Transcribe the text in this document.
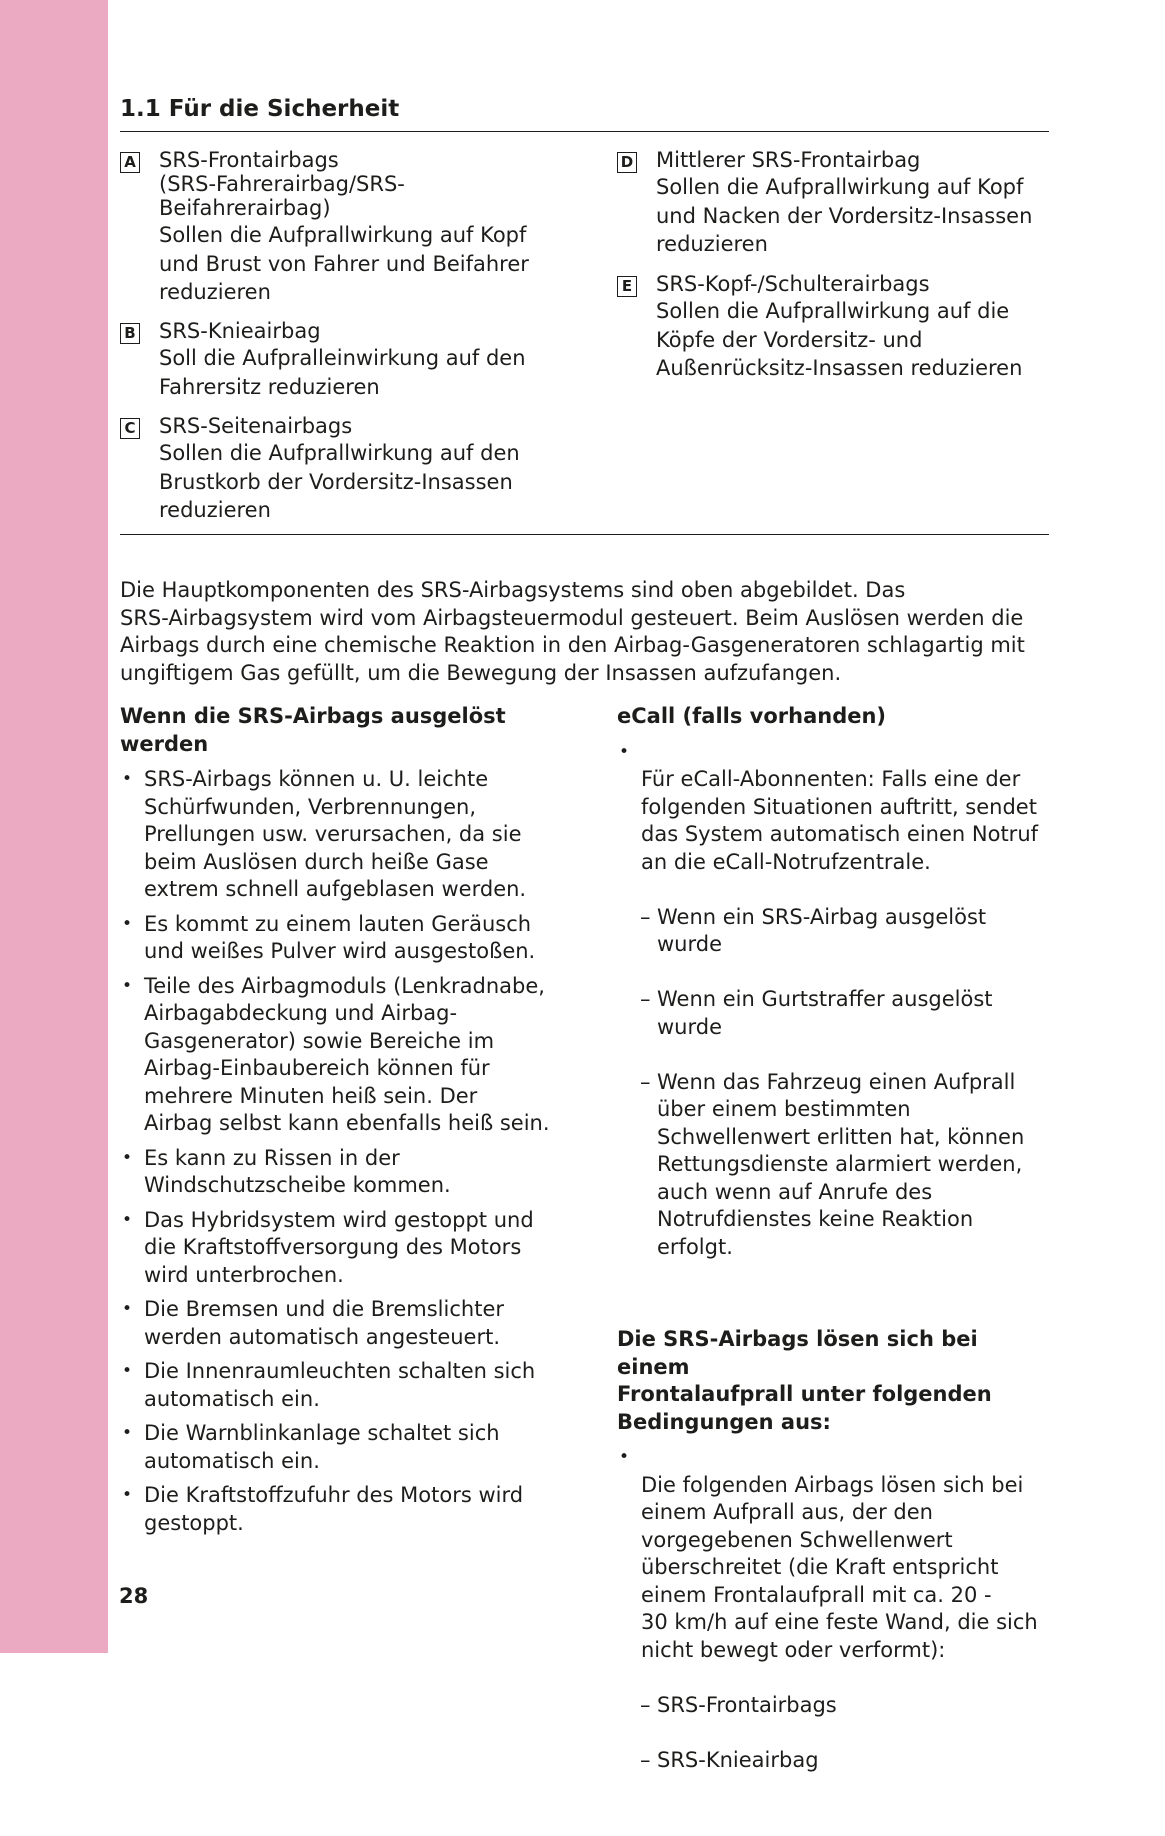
1.1 Für die Sicherheit
A SRS-Frontairbags
(SRS-Fahrerairbag/SRS-
Beifahrerairbag)
Sollen die Aufprallwirkung auf Kopf
und Brust von Fahrer und Beifahrer
reduzieren
B SRS-Knieairbag
Soll die Aufpralleinwirkung auf den
Fahrersitz reduzieren
C SRS-Seitenairbags
Sollen die Aufprallwirkung auf den
Brustkorb der Vordersitz-Insassen
reduzieren
D Mittlerer SRS-Frontairbag
Sollen die Aufprallwirkung auf Kopf
und Nacken der Vordersitz-Insassen
reduzieren
E SRS-Kopf-/Schulterairbags
Sollen die Aufprallwirkung auf die
Köpfe der Vordersitz- und
Außenrücksitz-Insassen reduzieren
Die Hauptkomponenten des SRS-Airbagsystems sind oben abgebildet. Das
SRS-Airbagsystem wird vom Airbagsteuermodul gesteuert. Beim Auslösen werden die
Airbags durch eine chemische Reaktion in den Airbag-Gasgeneratoren schlagartig mit
ungiftigem Gas gefüllt, um die Bewegung der Insassen aufzufangen.
Wenn die SRS-Airbags ausgelöst
werden
• SRS-Airbags können u. U. leichte
Schürfwunden, Verbrennungen,
Prellungen usw. verursachen, da sie
beim Auslösen durch heiße Gase
extrem schnell aufgeblasen werden.
• Es kommt zu einem lauten Geräusch
und weißes Pulver wird ausgestoßen.
• Teile des Airbagmoduls (Lenkradnabe,
Airbagabdeckung und Airbag-
Gasgenerator) sowie Bereiche im
Airbag-Einbaubereich können für
mehrere Minuten heiß sein. Der
Airbag selbst kann ebenfalls heiß sein.
• Es kann zu Rissen in der
Windschutzscheibe kommen.
• Das Hybridsystem wird gestoppt und
die Kraftstoffversorgung des Motors
wird unterbrochen.
• Die Bremsen und die Bremslichter
werden automatisch angesteuert.
• Die Innenraumleuchten schalten sich
automatisch ein.
• Die Warnblinkanlage schaltet sich
automatisch ein.
• Die Kraftstoffzufuhr des Motors wird
gestoppt.
eCall (falls vorhanden)

• Für eCall-Abonnenten: Falls eine der
folgenden Situationen auftritt, sendet
das System automatisch einen Notruf
an die eCall-Notrufzentrale.

– Wenn ein SRS-Airbag ausgelöst
wurde

– Wenn ein Gurtstraffer ausgelöst
wurde

– Wenn das Fahrzeug einen Aufprall
über einem bestimmten
Schwellenwert erlitten hat, können
Rettungsdienste alarmiert werden,
auch wenn auf Anrufe des
Notrufdienstes keine Reaktion
erfolgt.

Die SRS-Airbags lösen sich bei einem
Frontalaufprall unter folgenden
Bedingungen aus:

• Die folgenden Airbags lösen sich bei
einem Aufprall aus, der den
vorgegebenen Schwellenwert
überschreitet (die Kraft entspricht
einem Frontalaufprall mit ca. 20 -
30 km/h auf eine feste Wand, die sich
nicht bewegt oder verformt):

– SRS-Frontairbags

– SRS-Knieairbag

28
